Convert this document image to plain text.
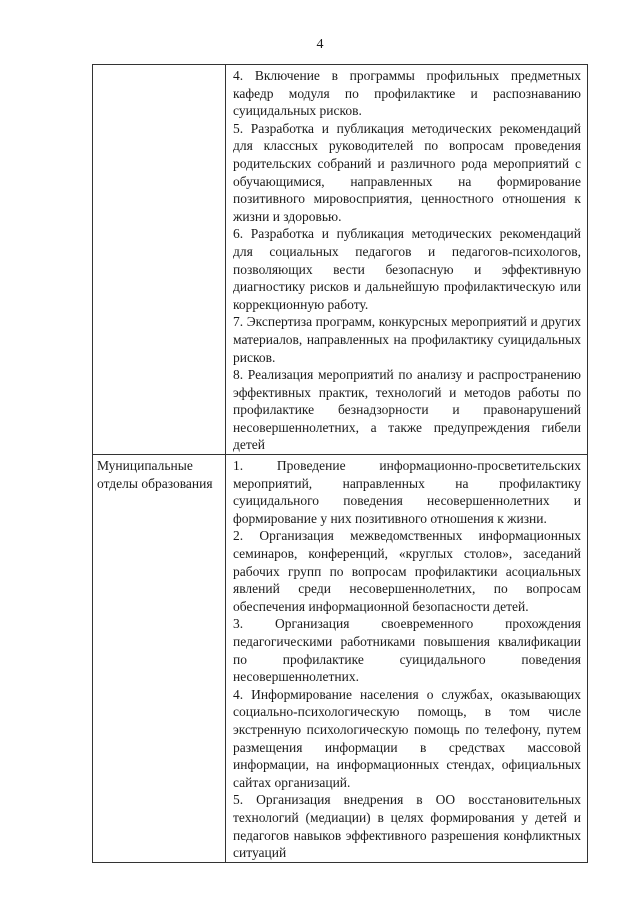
4

	4. Включение в программы профильных предметных кафедр модуля по профилактике и распознаванию суицидальных рисков.

5. Разработка и публикация методических рекомендаций для классных руководителей по вопросам проведения родительских собраний и различного рода мероприятий с обучающимися, направленных на формирование позитивного мировосприятия, ценностного отношения к жизни и здоровью.

6. Разработка и публикация методических рекомендаций для социальных педагогов и педагогов-психологов, позволяющих вести безопасную и эффективную диагностику рисков и дальнейшую профилактическую или коррекционную работу.

7. Экспертиза программ, конкурсных мероприятий и других материалов, направленных на профилактику суицидальных рисков.

8. Реализация мероприятий по анализу и распространению эффективных практик, технологий и методов работы по профилактике безнадзорности и правонарушений несовершеннолетних, а также предупреждения гибели детей

Муниципальные отделы образования	1. Проведение информационно-просветительских мероприятий, направленных на профилактику суицидального поведения несовершеннолетних и формирование у них позитивного отношения к жизни.

2. Организация межведомственных информационных семинаров, конференций, «круглых столов», заседаний рабочих групп по вопросам профилактики асоциальных явлений среди несовершеннолетних, по вопросам обеспечения информационной безопасности детей.

3. Организация своевременного прохождения педагогическими работниками повышения квалификации по профилактике суицидального поведения несовершеннолетних.

4. Информирование населения о службах, оказывающих социально-психологическую помощь, в том числе экстренную психологическую помощь по телефону, путем размещения информации в средствах массовой информации, на информационных стендах, официальных сайтах организаций.

5. Организация внедрения в ОО восстановительных технологий (медиации) в целях формирования у детей и педагогов навыков эффективного разрешения конфликтных ситуаций
